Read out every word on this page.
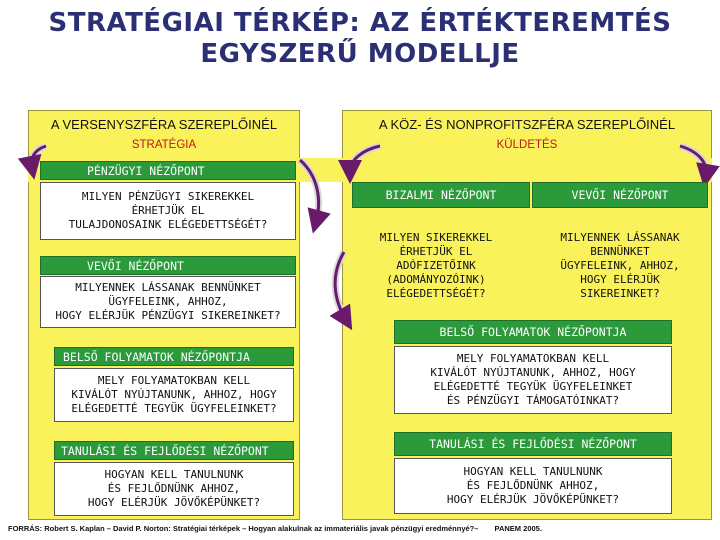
STRATÉGIAI TÉRKÉP: AZ ÉRTÉKTEREMTÉS
EGYSZERŰ MODELLJE
A VERSENYSZFÉRA SZEREPLŐINÉL	A KÖZ- ÉS NONPROFITSZFÉRA SZEREPLŐINÉL
STRATÉGIA	KÜLDETÉS
PÉNZÜGYI NÉZŐPONT
MILYEN PÉNZÜGYI SIKEREKKEL
ÉRHETJÜK EL
TULAJDONOSAINK ELÉGEDETTSÉGÉT?
VEVŐI NÉZŐPONT
MILYENNEK LÁSSANAK BENNÜNKET
ÜGYFELEINK, AHHOZ,
HOGY ELÉRJÜK PÉNZÜGYI SIKEREINKET?
BELSŐ FOLYAMATOK NÉZŐPONTJA
MELY FOLYAMATOKBAN KELL
KIVÁLÓT NYÚJTANUNK, AHHOZ, HOGY
ELÉGEDETTÉ TEGYÜK ÜGYFELEINKET?
TANULÁSI ÉS FEJLŐDÉSI NÉZŐPONT
HOGYAN KELL TANULNUNK
ÉS FEJLŐDNÜNK AHHOZ,
HOGY ELÉRJÜK JÖVŐKÉPÜNKET?
BIZALMI NÉZŐPONT	VEVŐI NÉZŐPONT
MILYEN SIKEREKKEL
ÉRHETJÜK EL
ADÓFIZETŐINK
(ADOMÁNYOZÓINK)
ELÉGEDETTSÉGÉT?
MILYENNEK LÁSSANAK
BENNÜNKET
ÜGYFELEINK, AHHOZ,
HOGY ELÉRJÜK
SIKEREINKET?
BELSŐ FOLYAMATOK NÉZŐPONTJA
MELY FOLYAMATOKBAN KELL
KIVÁLÓT NYÚJTANUNK, AHHOZ, HOGY
ELÉGEDETTÉ TEGYÜK ÜGYFELEINKET
ÉS PÉNZÜGYI TÁMOGATÓINKAT?
TANULÁSI ÉS FEJLŐDÉSI NÉZŐPONT
HOGYAN KELL TANULNUNK
ÉS FEJLŐDNÜNK AHHOZ,
HOGY ELÉRJÜK JÖVŐKÉPÜNKET?
FORRÁS: Robert S. Kaplan – David P. Norton: Stratégiai térképek – Hogyan alakulnak az immateriális javak pénzügyi eredménnyé?– PANEM 2005.
